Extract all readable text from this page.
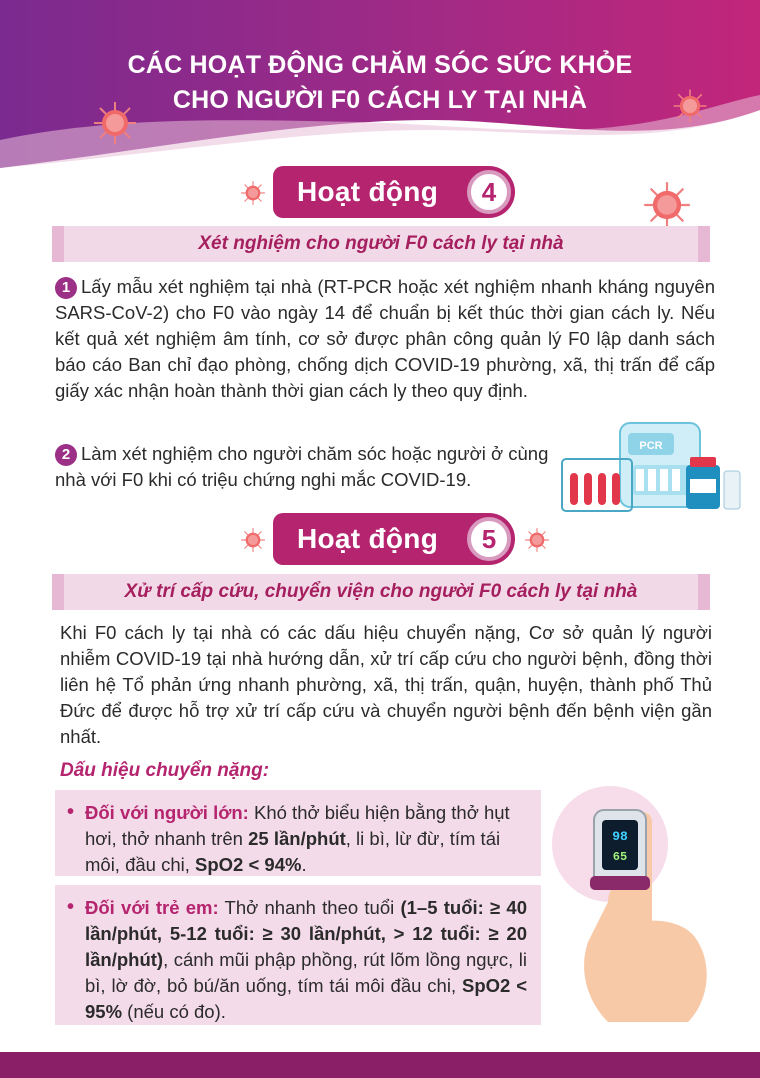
CÁC HOẠT ĐỘNG CHĂM SÓC SỨC KHỎE
CHO NGƯỜI F0 CÁCH LY TẠI NHÀ
Hoạt động	4
Xét nghiệm cho người F0 cách ly tại nhà
1 Lấy mẫu xét nghiệm tại nhà (RT-PCR hoặc xét nghiệm nhanh kháng nguyên SARS-CoV-2) cho F0 vào ngày 14 để chuẩn bị kết thúc thời gian cách ly. Nếu kết quả xét nghiệm âm tính, cơ sở được phân công quản lý F0 lập danh sách báo cáo Ban chỉ đạo phòng, chống dịch COVID-19 phường, xã, thị trấn để cấp giấy xác nhận hoàn thành thời gian cách ly theo quy định.
2 Làm xét nghiệm cho người chăm sóc hoặc người ở cùng nhà với F0 khi có triệu chứng nghi mắc COVID-19.
PCR
Hoạt động	5
Xử trí cấp cứu, chuyển viện cho người F0 cách ly tại nhà
Khi F0 cách ly tại nhà có các dấu hiệu chuyển nặng, Cơ sở quản lý người nhiễm COVID-19 tại nhà hướng dẫn, xử trí cấp cứu cho người bệnh, đồng thời liên hệ Tổ phản ứng nhanh phường, xã, thị trấn, quận, huyện, thành phố Thủ Đức để được hỗ trợ xử trí cấp cứu và chuyển người bệnh đến bệnh viện gần nhất.
Dấu hiệu chuyển nặng:
• Đối với người lớn: Khó thở biểu hiện bằng thở hụt hơi, thở nhanh trên 25 lần/phút, li bì, lừ đừ, tím tái môi, đầu chi, SpO2 < 94%.
• Đối với trẻ em: Thở nhanh theo tuổi (1–5 tuổi: ≥ 40 lần/phút, 5-12 tuổi: ≥ 30 lần/phút, > 12 tuổi: ≥ 20 lần/phút), cánh mũi phập phồng, rút lõm lồng ngực, li bì, lờ đờ, bỏ bú/ăn uống, tím tái môi đầu chi, SpO2 < 95% (nếu có đo).
98
65
